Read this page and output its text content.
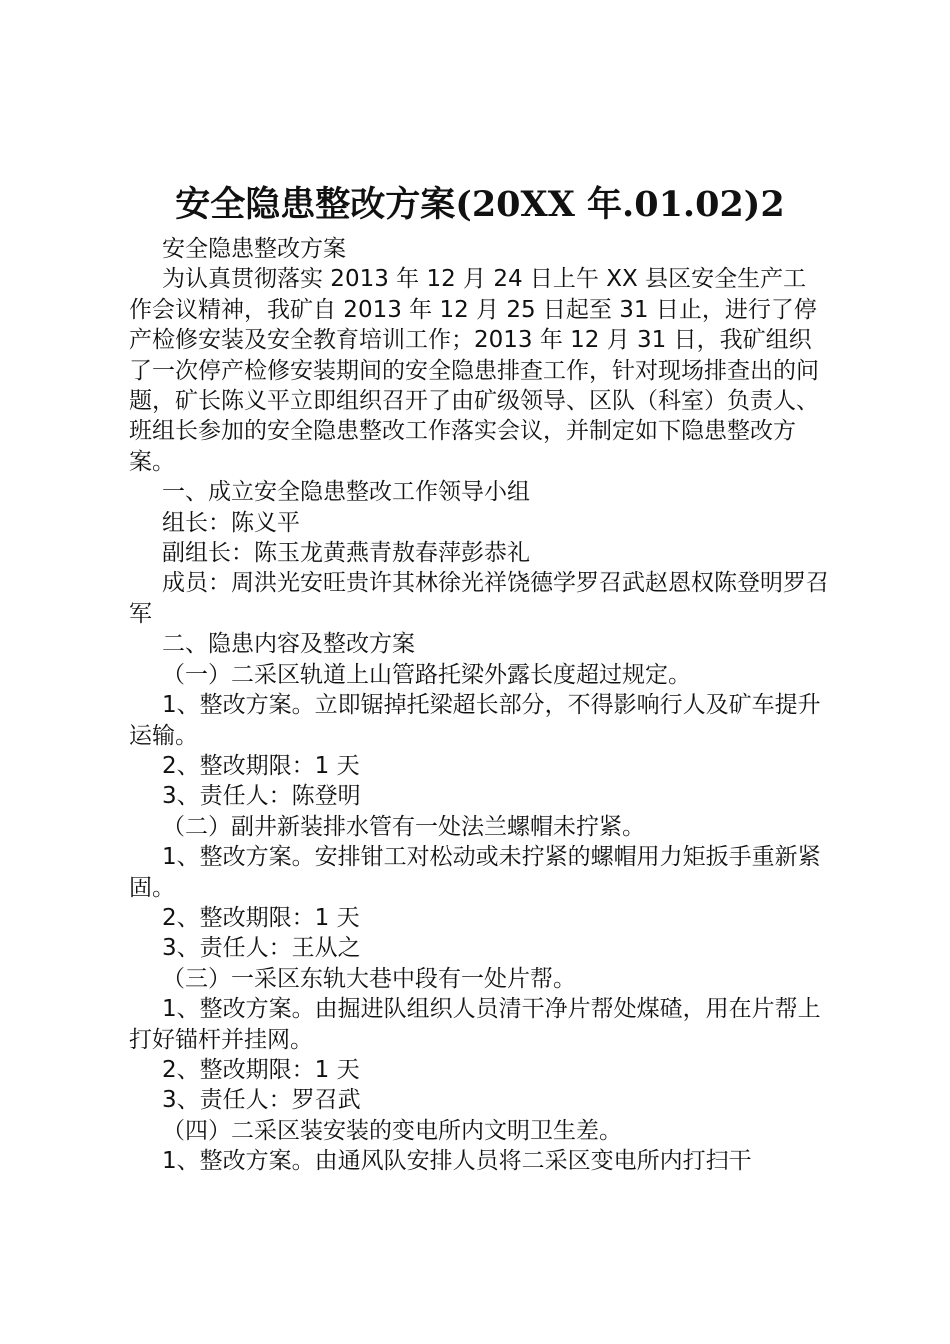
安全隐患整改方案(20XX 年.01.02)2

安全隐患整改方案

为认真贯彻落实 2013 年 12 月 24 日上午 XX 县区安全生产工作会议精神，我矿自 2013 年 12 月 25 日起至 31 日止，进行了停产检修安装及安全教育培训工作；2013 年 12 月 31 日，我矿组织了一次停产检修安装期间的安全隐患排查工作，针对现场排查出的问题，矿长陈义平立即组织召开了由矿级领导、区队（科室）负责人、班组长参加的安全隐患整改工作落实会议，并制定如下隐患整改方案。

一、成立安全隐患整改工作领导小组

组长：陈义平

副组长：陈玉龙黄燕青敖春萍彭恭礼

成员：周洪光安旺贵许其林徐光祥饶德学罗召武赵恩权陈登明罗召军

二、隐患内容及整改方案

（一）二采区轨道上山管路托梁外露长度超过规定。

1、整改方案。立即锯掉托梁超长部分，不得影响行人及矿车提升运输。

2、整改期限：1 天

3、责任人：陈登明

（二）副井新装排水管有一处法兰螺帽未拧紧。

1、整改方案。安排钳工对松动或未拧紧的螺帽用力矩扳手重新紧固。

2、整改期限：1 天

3、责任人：王从之

（三）一采区东轨大巷中段有一处片帮。

1、整改方案。由掘进队组织人员清干净片帮处煤碴，用在片帮上打好锚杆并挂网。

2、整改期限：1 天

3、责任人：罗召武

（四）二采区装安装的变电所内文明卫生差。

1、整改方案。由通风队安排人员将二采区变电所内打扫干
